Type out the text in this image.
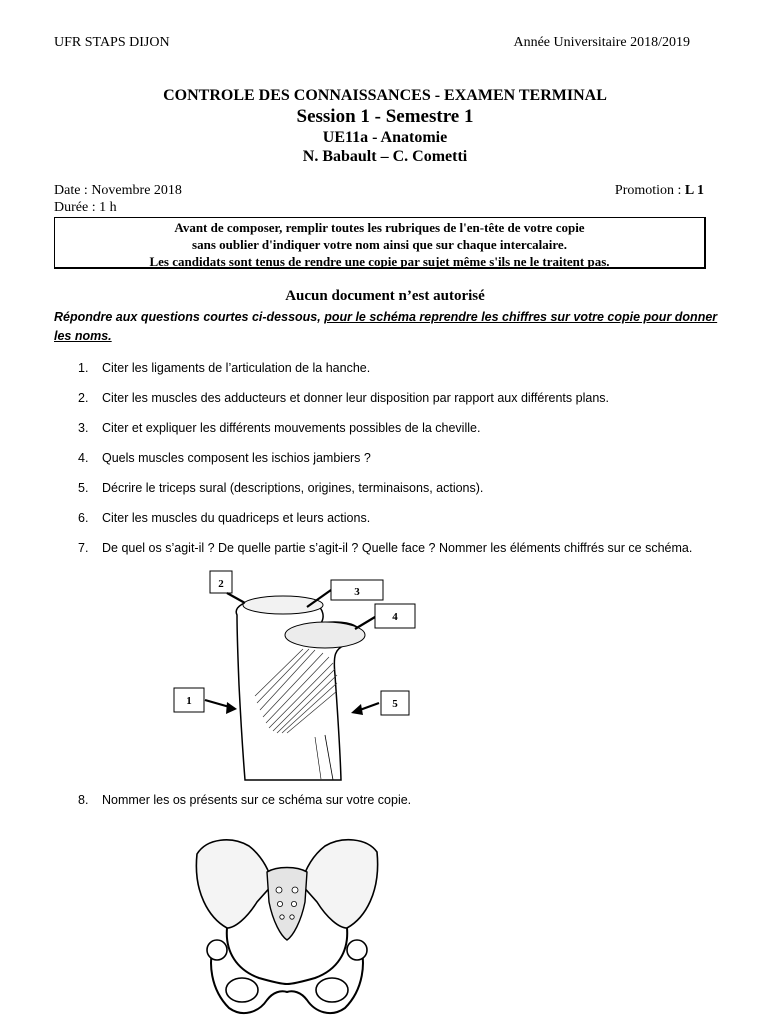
UFR STAPS DIJON	Année Universitaire 2018/2019
CONTROLE DES CONNAISSANCES - EXAMEN TERMINAL
Session 1 - Semestre 1
UE11a - Anatomie
N. Babault – C. Cometti
Date : Novembre 2018
Durée : 1 h
Promotion : L 1
Avant de composer, remplir toutes les rubriques de l'en-tête de votre copie
sans oublier d'indiquer votre nom ainsi que sur chaque intercalaire.
Les candidats sont tenus de rendre une copie par sujet même s'ils ne le traitent pas.
Aucun document n’est autorisé
Répondre aux questions courtes ci-dessous, pour le schéma reprendre les chiffres sur votre copie pour donner les noms.
1. Citer les ligaments de l’articulation de la hanche.
2. Citer les muscles des adducteurs et donner leur disposition par rapport aux différents plans.
3. Citer et expliquer les différents mouvements possibles de la cheville.
4. Quels muscles composent les ischios jambiers ?
5. Décrire le triceps sural (descriptions, origines, terminaisons, actions).
6. Citer les muscles du quadriceps et leurs actions.
7. De quel os s’agit-il ? De quelle partie s’agit-il ? Quelle face ? Nommer les éléments chiffrés sur ce schéma.
8. Nommer les os présents sur ce schéma sur votre copie.
2
3
4
1	5
